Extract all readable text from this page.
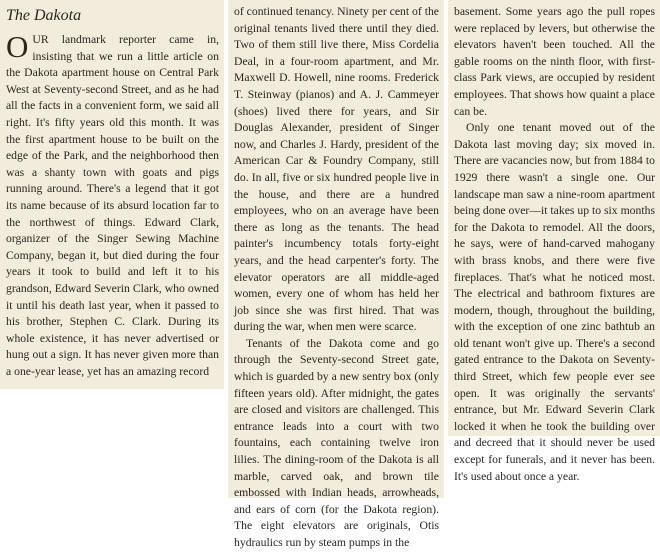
The Dakota

OUR landmark reporter came in, insisting that we run a little article on the Dakota apartment house on Central Park West at Seventy-second Street, and as he had all the facts in a convenient form, we said all right. It's fifty years old this month. It was the first apartment house to be built on the edge of the Park, and the neighborhood then was a shanty town with goats and pigs running around. There's a legend that it got its name because of its absurd location far to the northwest of things. Edward Clark, organizer of the Singer Sewing Machine Company, began it, but died during the four years it took to build and left it to his grandson, Edward Severin Clark, who owned it until his death last year, when it passed to his brother, Stephen C. Clark. During its whole existence, it has never advertised or hung out a sign. It has never given more than a one-year lease, yet has an amazing record

of continued tenancy. Ninety per cent of the original tenants lived there until they died. Two of them still live there, Miss Cordelia Deal, in a four-room apartment, and Mr. Maxwell D. Howell, nine rooms. Frederick T. Steinway (pianos) and A. J. Cammeyer (shoes) lived there for years, and Sir Douglas Alexander, president of Singer now, and Charles J. Hardy, president of the American Car & Foundry Company, still do. In all, five or six hundred people live in the house, and there are a hundred employees, who on an average have been there as long as the tenants. The head painter's incumbency totals forty-eight years, and the head carpenter's forty. The elevator operators are all middle-aged women, every one of whom has held her job since she was first hired. That was during the war, when men were scarce.

Tenants of the Dakota come and go through the Seventy-second Street gate, which is guarded by a new sentry box (only fifteen years old). After midnight, the gates are closed and visitors are challenged. This entrance leads into a court with two fountains, each containing twelve iron lilies. The dining-room of the Dakota is all marble, carved oak, and brown tile embossed with Indian heads, arrowheads, and ears of corn (for the Dakota region). The eight elevators are originals, Otis hydraulics run by steam pumps in the

basement. Some years ago the pull ropes were replaced by levers, but otherwise the elevators haven't been touched. All the gable rooms on the ninth floor, with first-class Park views, are occupied by resident employees. That shows how quaint a place can be.

Only one tenant moved out of the Dakota last moving day; six moved in. There are vacancies now, but from 1884 to 1929 there wasn't a single one. Our landscape man saw a nine-room apartment being done over—it takes up to six months for the Dakota to remodel. All the doors, he says, were of hand-carved mahogany with brass knobs, and there were five fireplaces. That's what he noticed most. The electrical and bathroom fixtures are modern, though, throughout the building, with the exception of one zinc bathtub an old tenant won't give up. There's a second gated entrance to the Dakota on Seventy-third Street, which few people ever see open. It was originally the servants' entrance, but Mr. Edward Severin Clark locked it when he took the building over and decreed that it should never be used except for funerals, and it never has been. It's used about once a year.
